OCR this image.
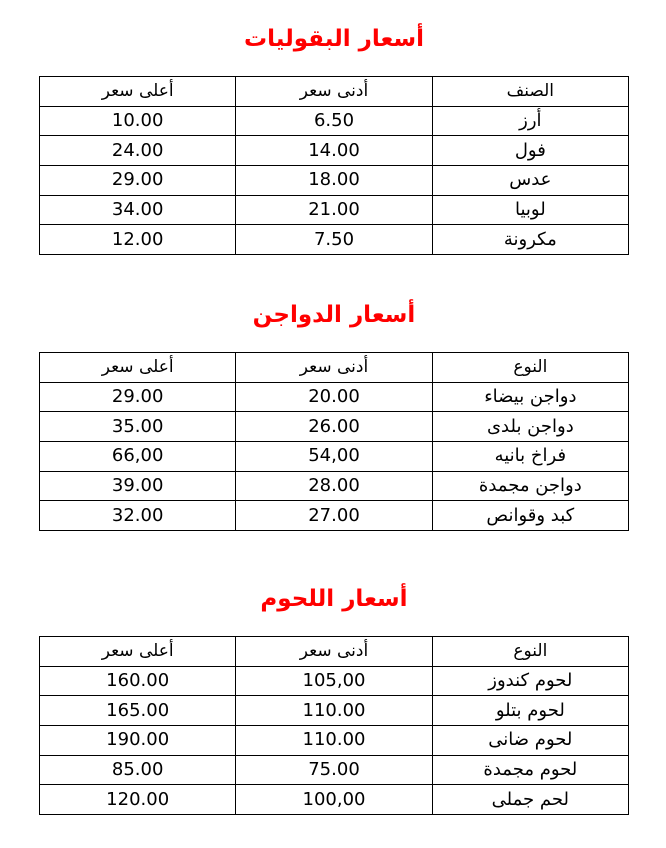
أسعار البقوليات
الصنف	أدنى سعر	أعلى سعر
أرز	6.50	10.00
فول	14.00	24.00
عدس	18.00	29.00
لوبيا	21.00	34.00
مكرونة	7.50	12.00
أسعار الدواجن
النوع	أدنى سعر	أعلى سعر
دواجن بيضاء	20.00	29.00
دواجن بلدى	26.00	35.00
فراخ بانيه	54,00	66,00
دواجن مجمدة	28.00	39.00
كبد وقوانص	27.00	32.00
أسعار اللحوم
النوع	أدنى سعر	أعلى سعر
لحوم كندوز	105,00	160.00
لحوم بتلو	110.00	165.00
لحوم ضانى	110.00	190.00
لحوم مجمدة	75.00	85.00
لحم جملى	100,00	120.00
